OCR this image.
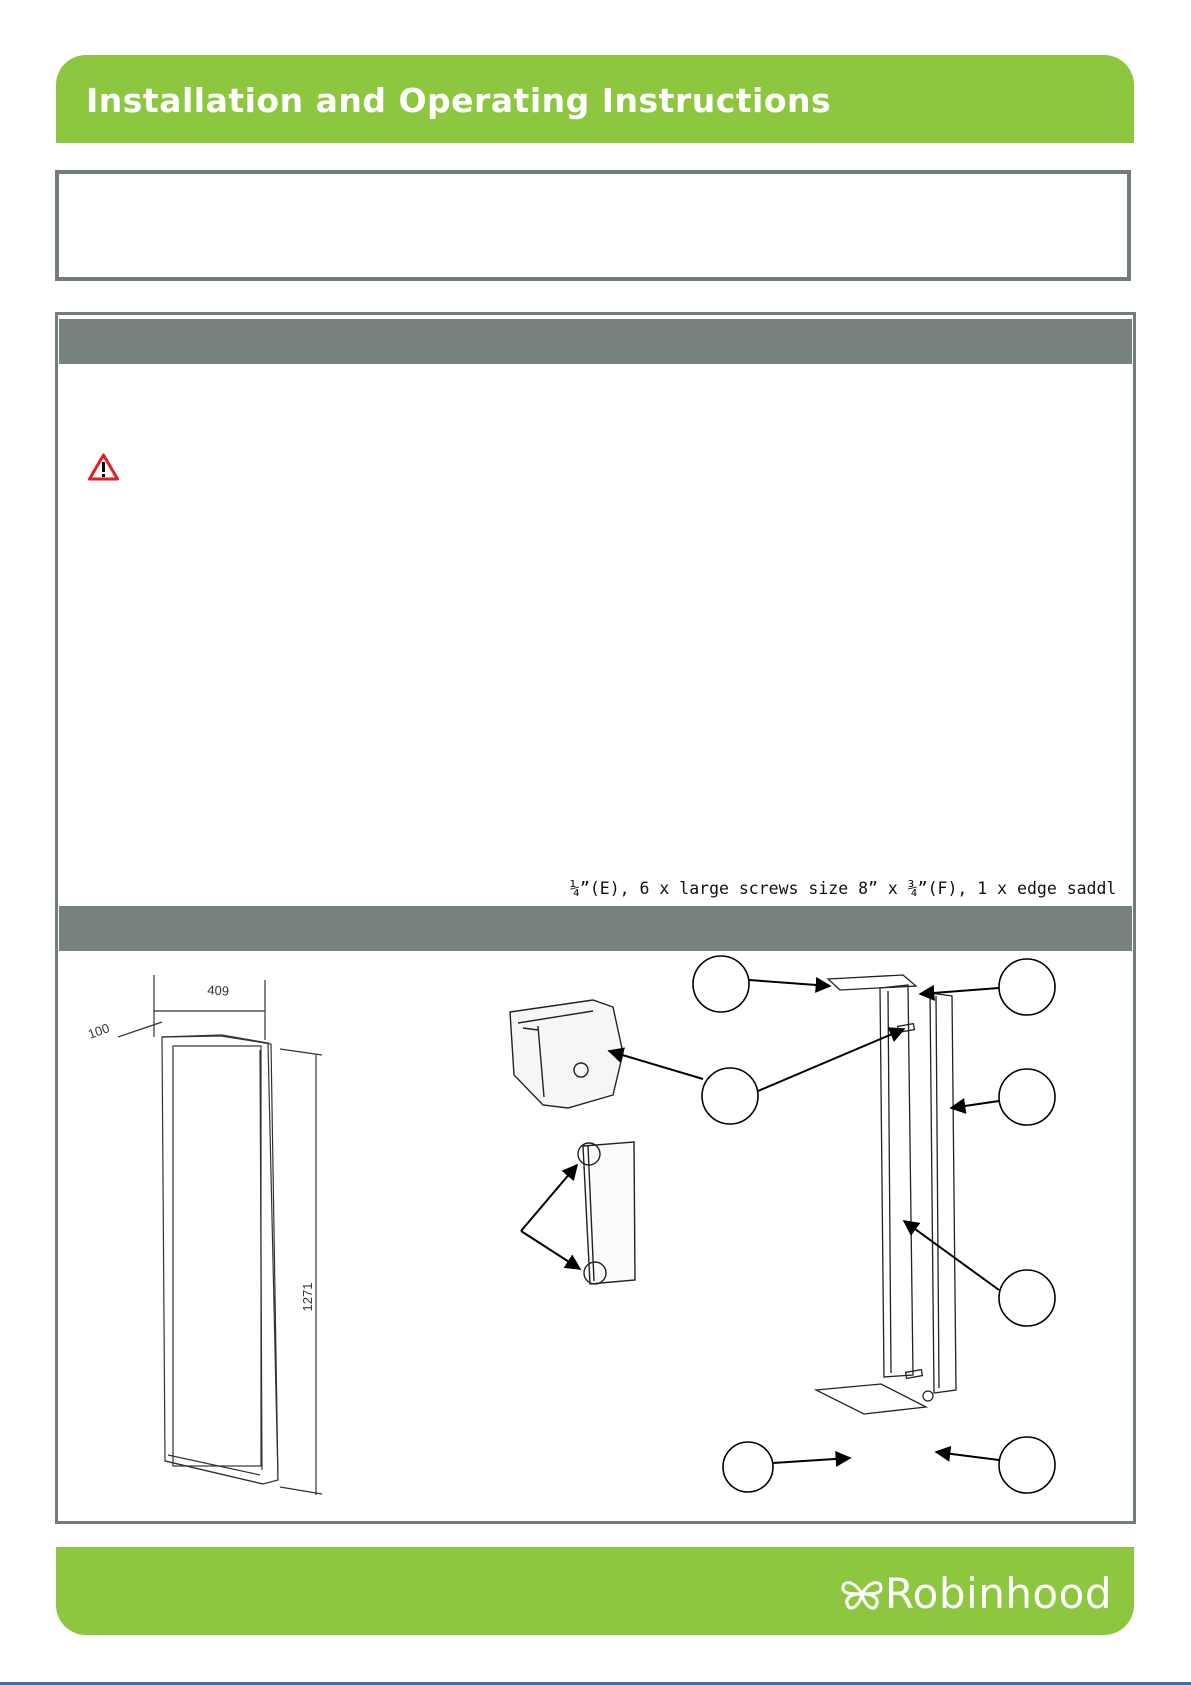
Installation and Operating Instructions
¼”(E), 6 x large screws size 8” x ¾”(F), 1 x edge saddl
409
100
1271
Robinhood
